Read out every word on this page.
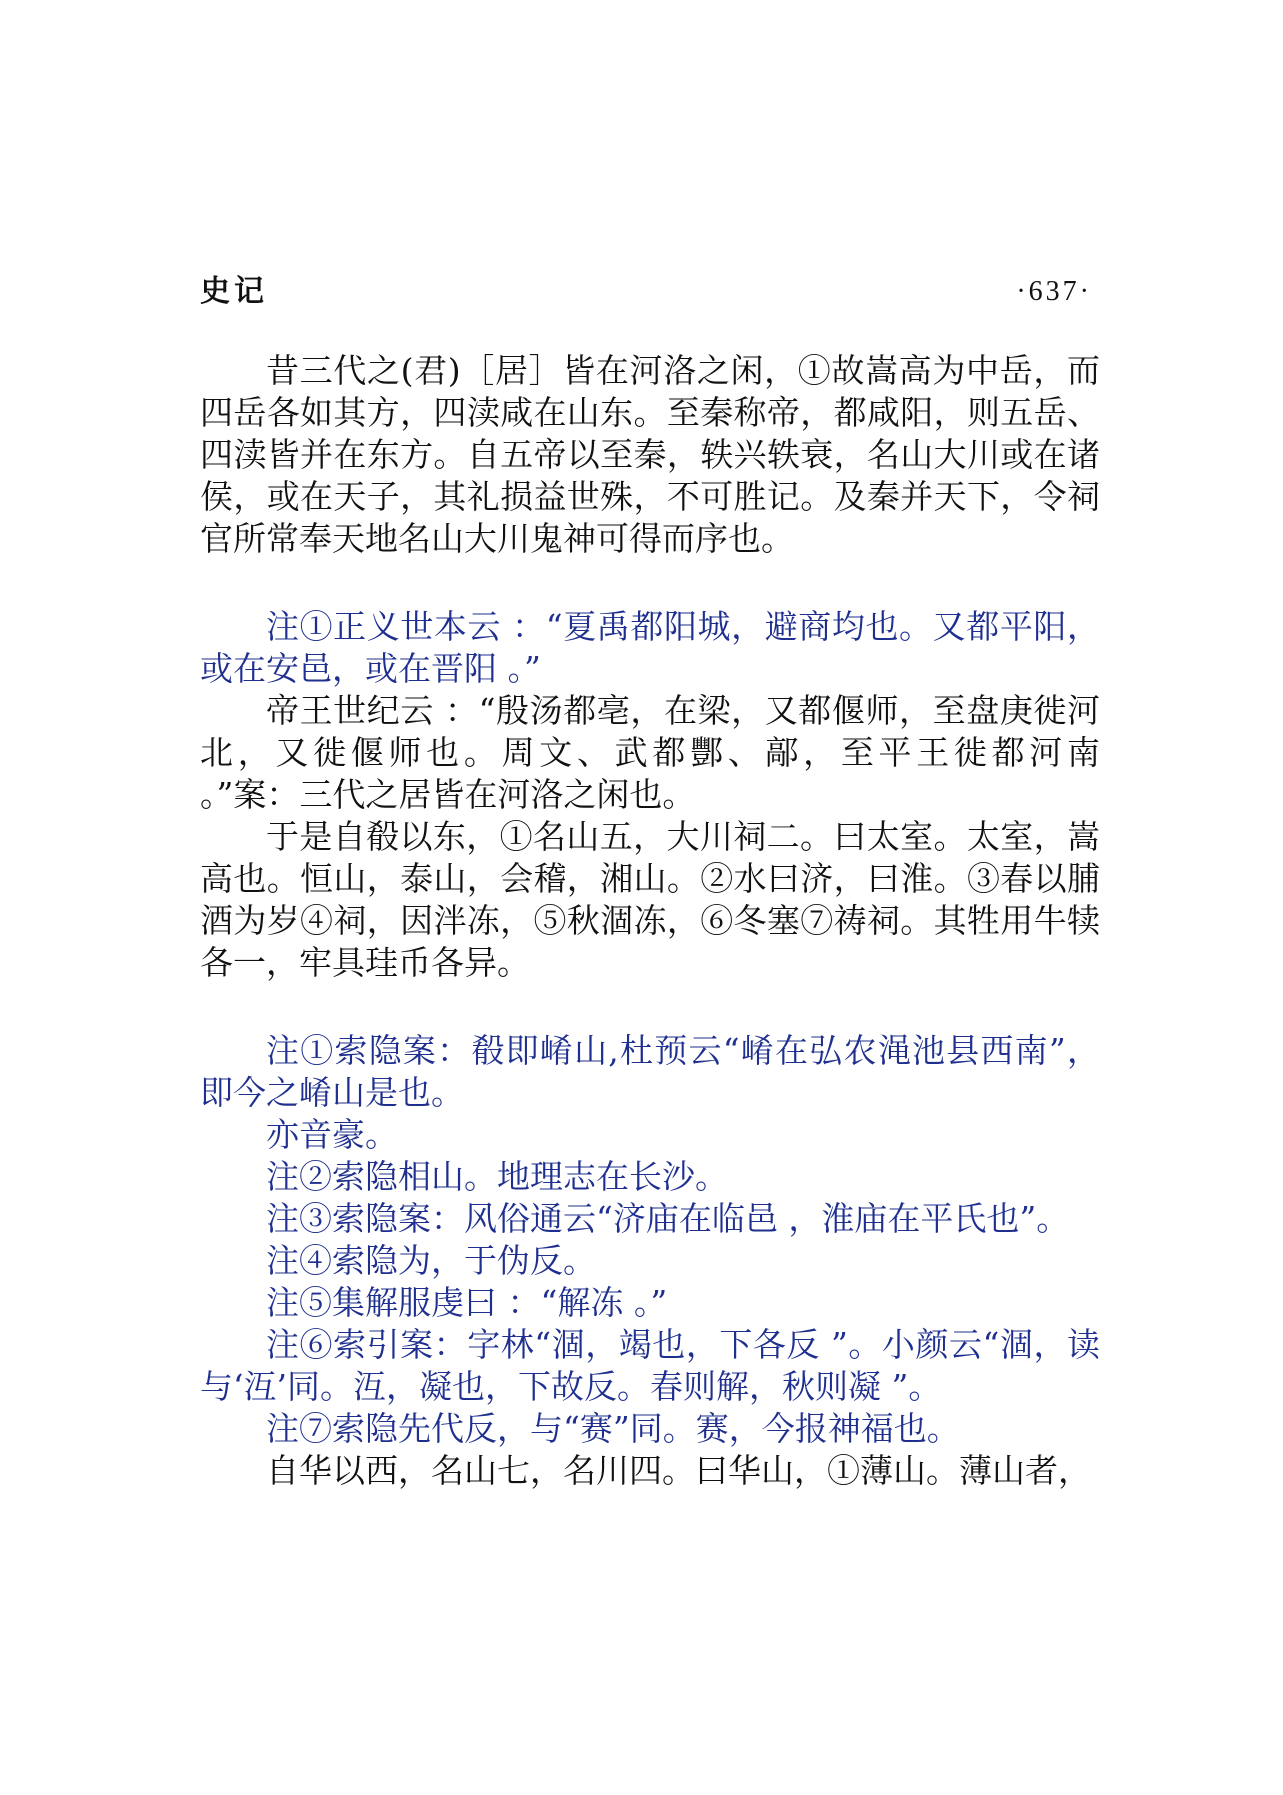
史记	·637·

昔三代之(君)［居］皆在河洛之闲，①故嵩高为中岳，而四岳各如其方，四渎咸在山东。至秦称帝，都咸阳，则五岳、四渎皆并在东方。自五帝以至秦，轶兴轶衰，名山大川或在诸侯，或在天子，其礼损益世殊，不可胜记。及秦并天下，令祠官所常奉天地名山大川鬼神可得而序也。

注①正义世本云 ：“夏禹都阳城，避商均也。又都平阳，或在安邑，或在晋阳 。”

帝王世纪云 ：“殷汤都亳，在梁，又都偃师，至盘庚徙河北，又徙偃师也。周文、武都酆、鄗，至平王徙都河南 。”案：三代之居皆在河洛之闲也。

于是自殽以东，①名山五，大川祠二。曰太室。太室，嵩高也。恒山，泰山，会稽，湘山。②水曰济，曰淮。③春以脯酒为岁④祠，因泮冻，⑤秋涸冻，⑥冬塞⑦祷祠。其牲用牛犊各一，牢具珪币各异。

注①索隐案：殽即崤山,杜预云“崤在弘农渑池县西南”，即今之崤山是也。

亦音豪。

注②索隐相山。地理志在长沙。

注③索隐案：风俗通云“济庙在临邑 ，淮庙在平氏也”。

注④索隐为，于伪反。

注⑤集解服虔曰 ：“解冻 。”

注⑥索引案：字林“涸，竭也，下各反 ”。小颜云“涸，读与‘沍’同。沍，凝也，下故反。春则解，秋则凝 ”。

注⑦索隐先代反，与“赛”同。赛，今报神福也。

自华以西，名山七，名川四。曰华山，①薄山。薄山者，
